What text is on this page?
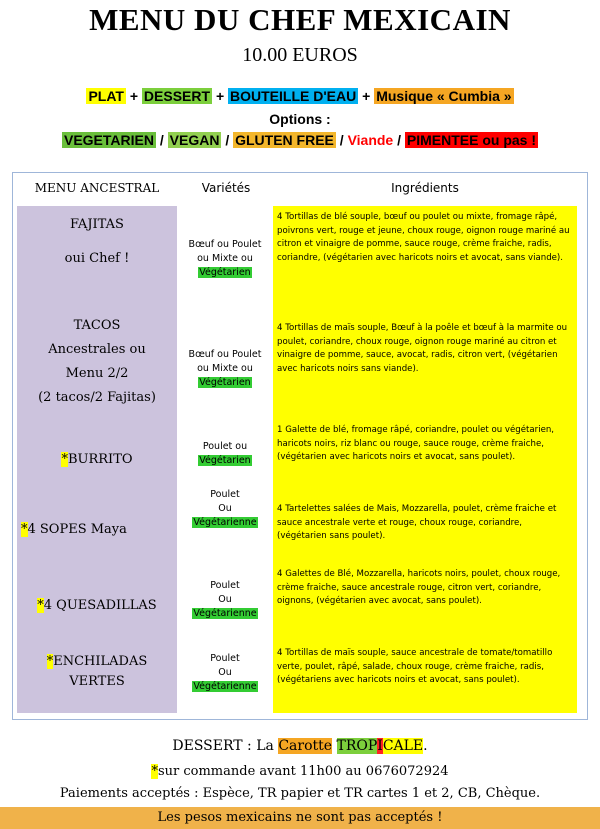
MENU DU CHEF MEXICAIN
10.00 EUROS
PLAT + DESSERT + BOUTEILLE D'EAU + Musique « Cumbia »
Options :
VEGETARIEN / VEGAN / GLUTEN FREE / Viande / PIMENTEE ou pas !
MENU ANCESTRAL	Variétés	Ingrédients
FAJITAS
oui Chef !
TACOS
Ancestrales ou
Menu 2/2
(2 tacos/2 Fajitas)
*BURRITO
*4 SOPES Maya
*4 QUESADILLAS
*ENCHILADAS
VERTES
Bœuf ou Poulet
ou Mixte ou
Végétarien
Bœuf ou Poulet
ou Mixte ou
Végétarien
Poulet ou
Végétarien
Poulet
Ou
Végétarienne
Poulet
Ou
Végétarienne
Poulet
Ou
Végétarienne
4 Tortillas de blé souple, bœuf ou poulet ou mixte, fromage râpé, poivrons vert, rouge et jeune, choux rouge, oignon rouge mariné au citron et vinaigre de pomme, sauce rouge, crème fraiche, radis, coriandre, (végétarien avec haricots noirs et avocat, sans viande).
4 Tortillas de maïs souple, Bœuf à la poêle et bœuf à la marmite ou poulet, coriandre, choux rouge, oignon rouge mariné au citron et vinaigre de pomme, sauce, avocat, radis, citron vert, (végétarien avec haricots noirs sans viande).
1 Galette de blé, fromage râpé, coriandre, poulet ou végétarien, haricots noirs, riz blanc ou rouge, sauce rouge, crème fraiche, (végétarien avec haricots noirs et avocat, sans poulet).
4 Tartelettes salées de Mais, Mozzarella, poulet, crème fraiche et sauce ancestrale verte et rouge, choux rouge, coriandre, (végétarien sans poulet).
4 Galettes de Blé, Mozzarella, haricots noirs, poulet, choux rouge, crème fraiche, sauce ancestrale rouge, citron vert, coriandre, oignons, (végétarien avec avocat, sans poulet).
4 Tortillas de maïs souple, sauce ancestrale de tomate/tomatillo verte, poulet, râpé, salade, choux rouge, crème fraiche, radis, (végétariens avec haricots noirs et avocat, sans poulet).
DESSERT : La Carotte TROPICALE.
*sur commande avant 11h00 au 0676072924
Paiements acceptés : Espèce, TR papier et TR cartes 1 et 2, CB, Chèque.
Les pesos mexicains ne sont pas acceptés !
